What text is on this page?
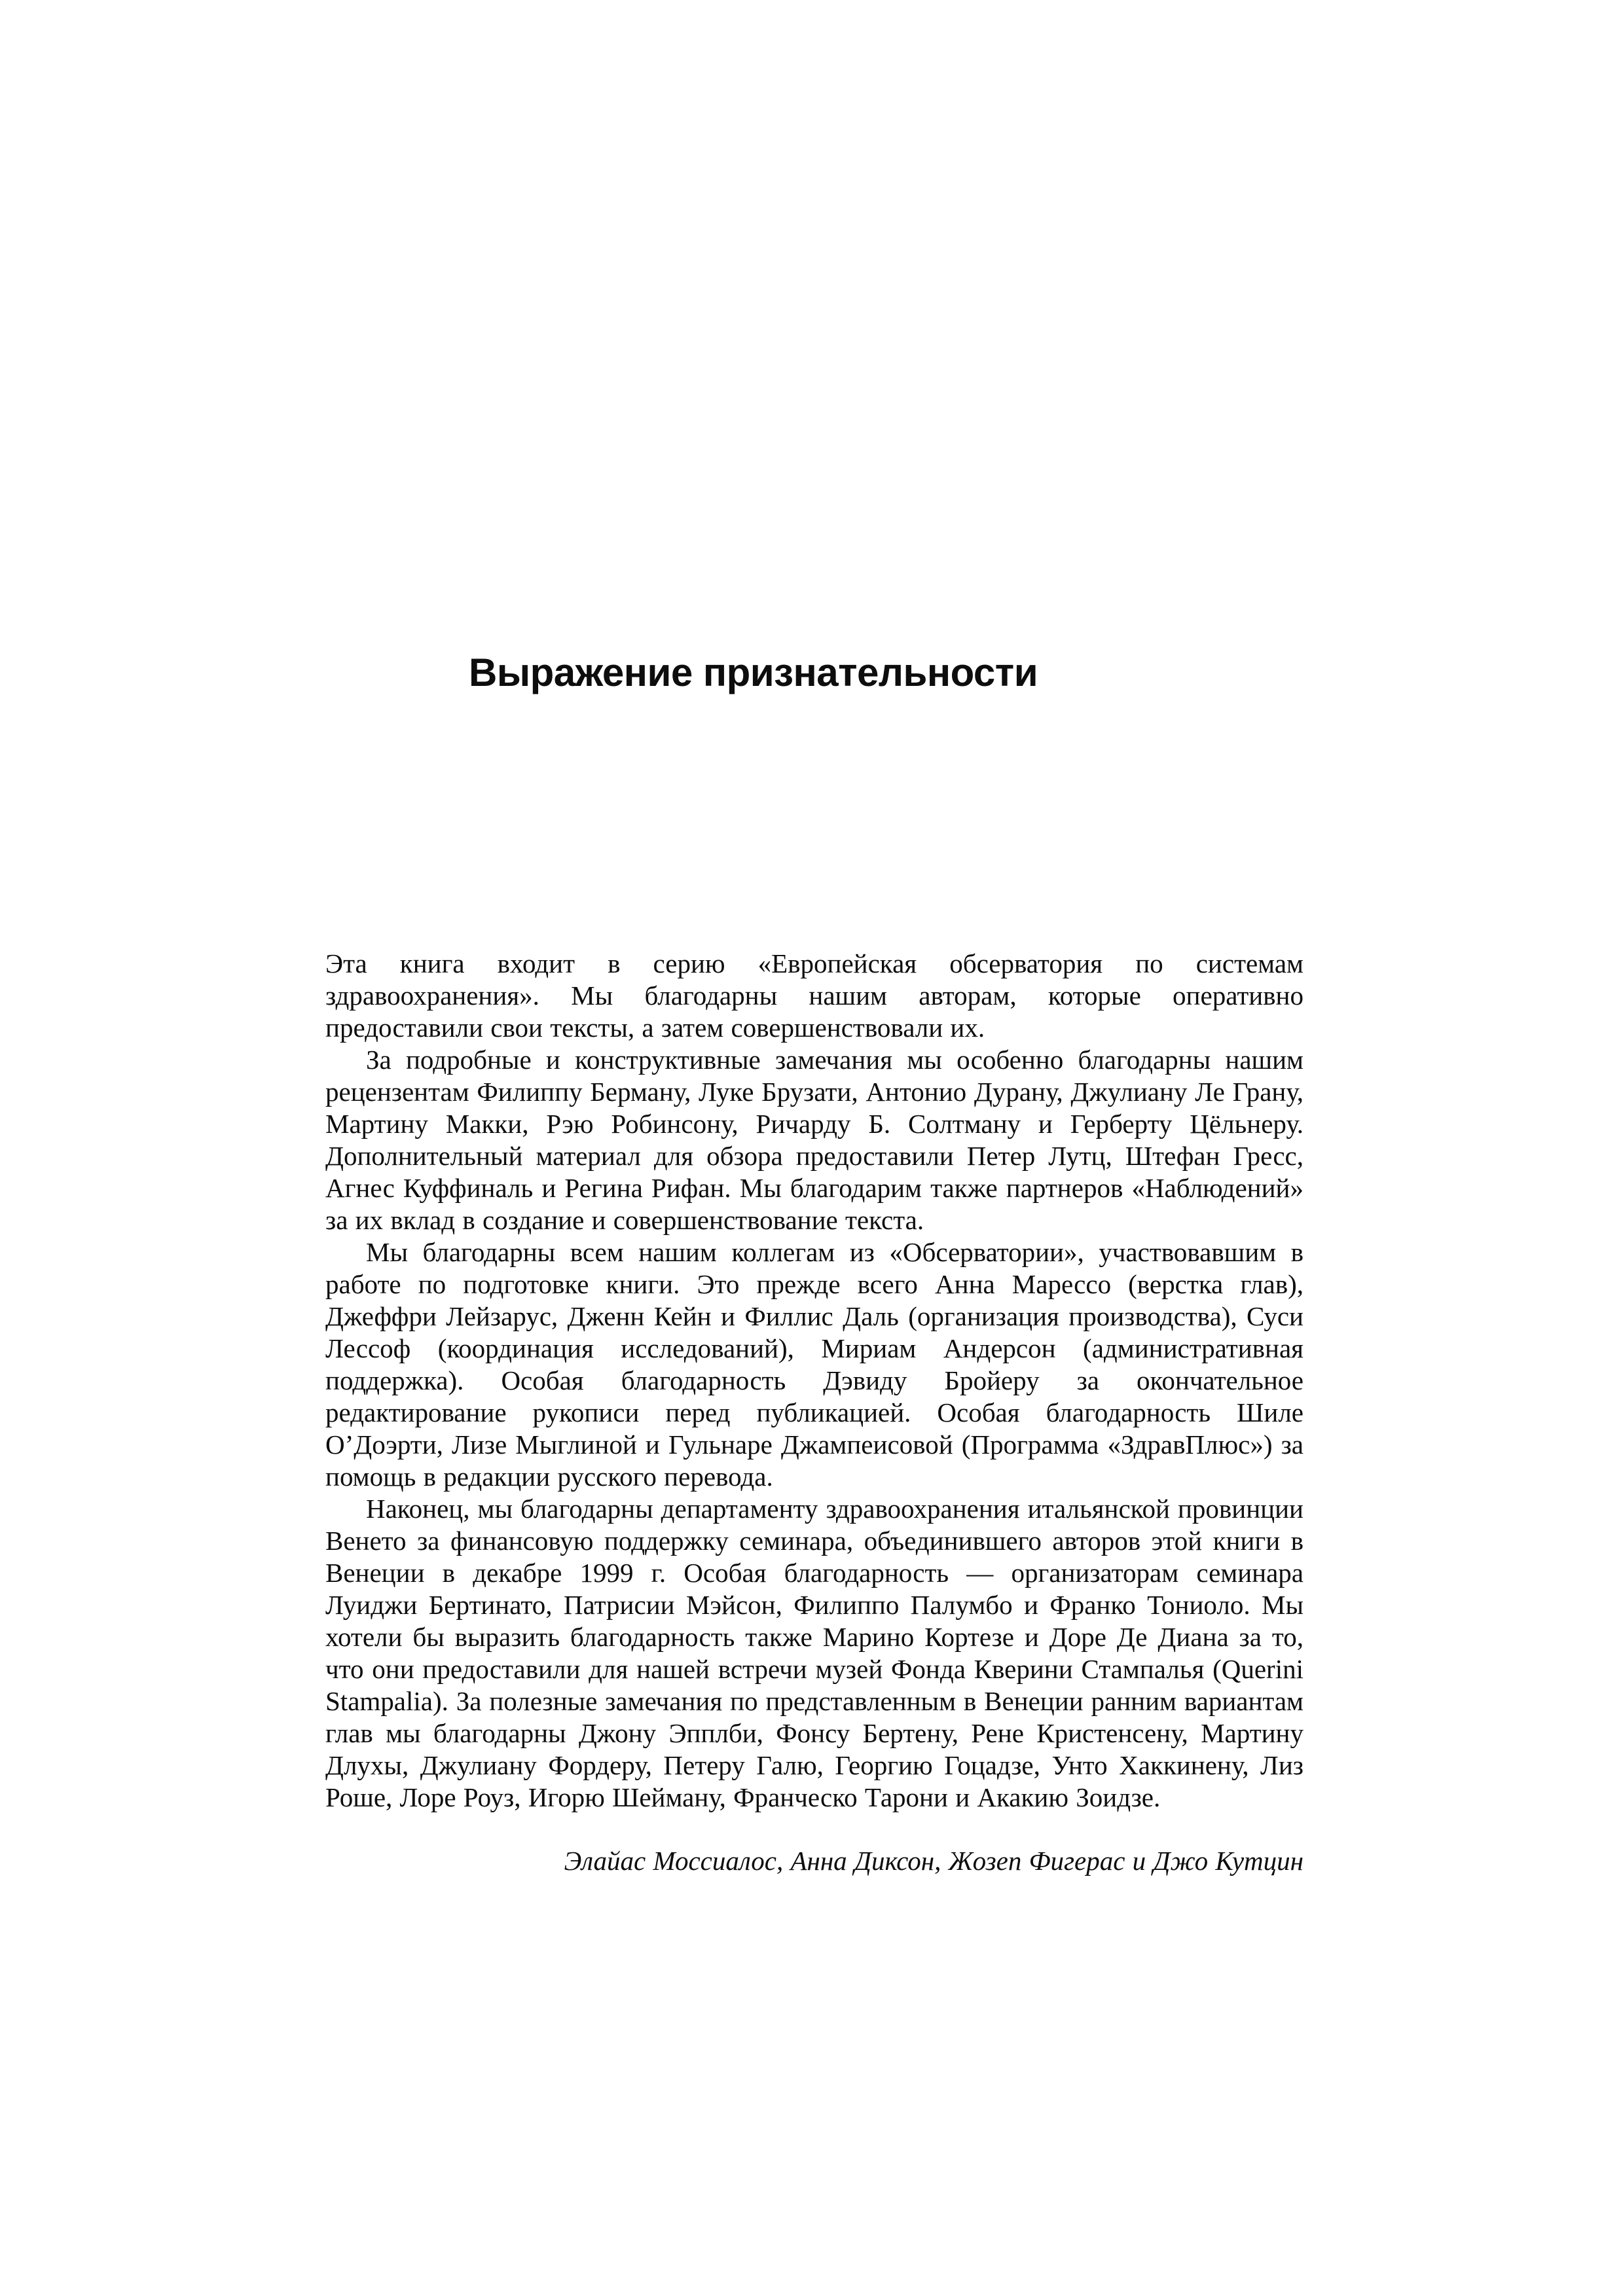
Выражение признательности

Эта книга входит в серию «Европейская обсерватория по системам здравоохранения». Мы благодарны нашим авторам, которые оперативно предоставили свои тексты, а затем совершенствовали их.

За подробные и конструктивные замечания мы особенно благодарны нашим рецензентам Филиппу Берману, Луке Брузати, Антонио Дурану, Джулиану Ле Грану, Мартину Макки, Рэю Робинсону, Ричарду Б. Солтману и Герберту Цёльнеру. Дополнительный материал для обзора предоставили Петер Лутц, Штефан Гресс, Агнес Куффиналь и Регина Рифан. Мы благодарим также партнеров «Наблюдений» за их вклад в создание и совершенствование текста.

Мы благодарны всем нашим коллегам из «Обсерватории», участвовавшим в работе по подготовке книги. Это прежде всего Анна Марессо (верстка глав), Джеффри Лейзарус, Дженн Кейн и Филлис Даль (организация производства), Суси Лессоф (координация исследований), Мириам Андерсон (административная поддержка). Особая благодарность Дэвиду Бройеру за окончательное редактирование рукописи перед публикацией. Особая благодарность Шиле О’Доэрти, Лизе Мыглиной и Гульнаре Джампеисовой (Программа «ЗдравПлюс») за помощь в редакции русского перевода.

Наконец, мы благодарны департаменту здравоохранения итальянской провинции Венето за финансовую поддержку семинара, объединившего авторов этой книги в Венеции в декабре 1999 г. Особая благодарность — организаторам семинара Луиджи Бертинато, Патрисии Мэйсон, Филиппо Палумбо и Франко Тониоло. Мы хотели бы выразить благодарность также Марино Кортезе и Доре Де Диана за то, что они предоставили для нашей встречи музей Фонда Кверини Стампалья (Querini Stampalia). За полезные замечания по представленным в Венеции ранним вариантам глав мы благодарны Джону Эпплби, Фонсу Бертену, Рене Кристенсену, Мартину Длухы, Джулиану Фордеру, Петеру Галю, Георгию Гоцадзе, Унто Хаккинену, Лиз Роше, Лоре Роуз, Игорю Шейману, Франческо Тарони и Акакию Зоидзе.

Элайас Моссиалос, Анна Диксон, Жозеп Фигерас и Джо Кутцин
